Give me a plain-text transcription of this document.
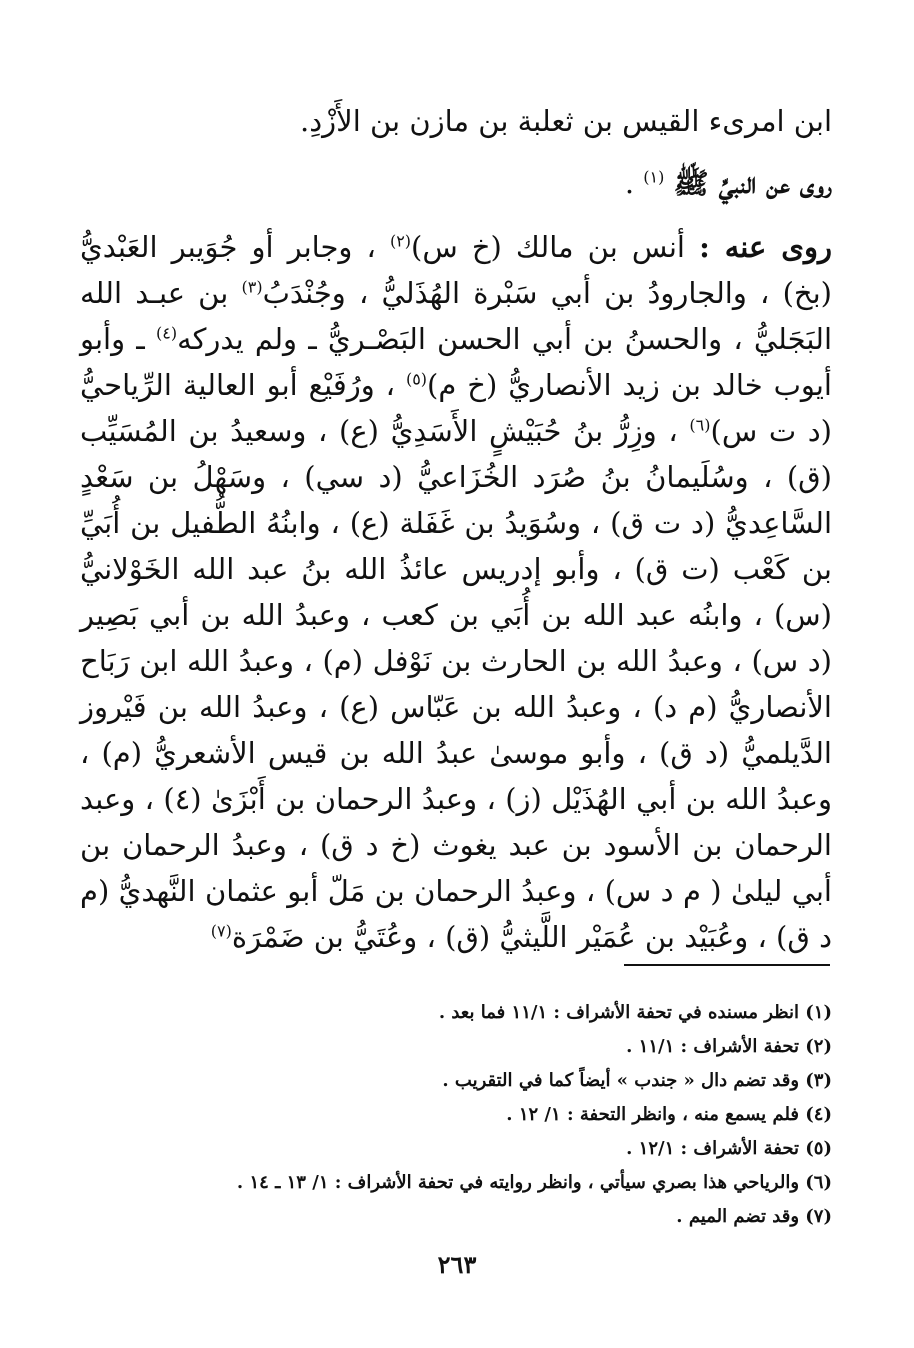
ابن امرىء القيس بن ثعلبة بن مازن بن الأَزْدِ.
روى عن النبيِّ ﷺ $^{(١)}$ .
روى عنه : أنس بن مالك (خ س)$^{(٢)}$ ، وجابر أو جُوَيبر العَبْديُّ (بخ) ، والجارودُ بن أبي سَبْرة الهُذَليُّ ، وجُنْدَبُ$^{(٣)}$ بن عبـد الله البَجَليُّ ، والحسنُ بن أبي الحسن البَصْـريُّ ـ ولم يدركه$^{(٤)}$ ـ وأبو أيوب خالد بن زيد الأنصاريُّ (خ م)$^{(٥)}$ ، ورُفَيْع أبو العالية الرِّياحيُّ (د ت س)$^{(٦)}$ ، وزِرُّ بنُ حُبَيْشٍ الأَسَدِيُّ (ع) ، وسعيدُ بن المُسَيِّب (ق) ، وسُلَيمانُ بنُ صُرَد الخُزَاعيُّ (د سي) ، وسَهْلُ بن سَعْدٍ السَّاعِديُّ (د ت ق) ، وسُوَيدُ بن غَفَلة (ع) ، وابنُهُ الطُّفيل بن أُبَيِّ بن كَعْب (ت ق) ، وأبو إدريس عائذُ الله بنُ عبد الله الخَوْلانيُّ (س) ، وابنُه عبد الله بن أُبَي بن كعب ، وعبدُ الله بن أبي بَصِير (د س) ، وعبدُ الله بن الحارث بن نَوْفل (م) ، وعبدُ الله ابن رَبَاح الأنصاريُّ (م د) ، وعبدُ الله بن عَبّاس (ع) ، وعبدُ الله بن فَيْروز الدَّيلميُّ (د ق) ، وأبو موسىٰ عبدُ الله بن قيس الأشعريُّ (م) ، وعبدُ الله بن أبي الهُذَيْل (ز) ، وعبدُ الرحمان بن أَبْزَىٰ (٤) ، وعبد الرحمان بن الأسود بن عبد يغوث (خ د ق) ، وعبدُ الرحمان بن أبي ليلىٰ ( م د س) ، وعبدُ الرحمان بن مَلّ أبو عثمان النَّهديُّ (م د ق) ، وعُبَيْد بن عُمَيْر اللَّيثيُّ (ق) ، وعُتَيُّ بن ضَمْرَة$^{(٧)}$
(١) انظر مسنده في تحفة الأشراف : ١١/١ فما بعد .
(٢) تحفة الأشراف : ١١/١ .
(٣) وقد تضم دال « جندب » أيضاً كما في التقريب .
(٤) فلم يسمع منه ، وانظر التحفة : ١/ ١٢ .
(٥) تحفة الأشراف : ١٢/١ .
(٦) والرياحي هذا بصري سيأتي ، وانظر روايته في تحفة الأشراف : ١/ ١٣ ـ ١٤ .
(٧) وقد تضم الميم .
٢٦٣
